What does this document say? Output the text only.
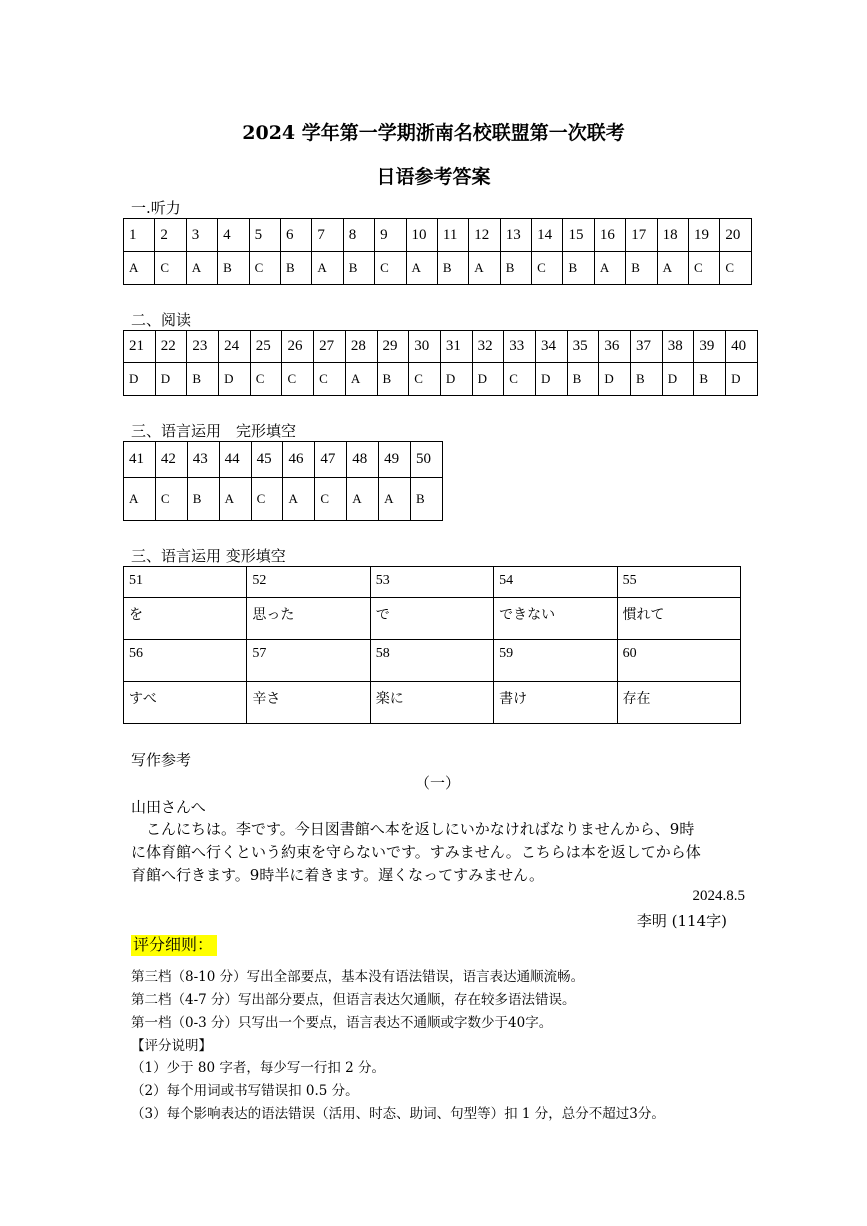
2024 学年第一学期浙南名校联盟第一次联考
日语参考答案
一.听力
1	2	3	4	5	6	7	8	9	10	11	12	13	14	15	16	17	18	19	20
A	C	A	B	C	B	A	B	C	A	B	A	B	C	B	A	B	A	C	C
二、阅读
21	22	23	24	25	26	27	28	29	30	31	32	33	34	35	36	37	38	39	40
D	D	B	D	C	C	C	A	B	C	D	D	C	D	B	D	B	D	B	D
三、语言运用　完形填空
41	42	43	44	45	46	47	48	49	50
A	C	B	A	C	A	C	A	A	B
三、语言运用 变形填空
51	52	53	54	55
を	思った	で	できない	慣れて
56	57	58	59	60
すべ	辛さ	楽に	書け	存在
写作参考
（一）
山田さんへ
　こんにちは。李です。今日図書館へ本を返しにいかなければなりませんから、9時
に体育館へ行くという約束を守らないです。すみません。こちらは本を返してから体
育館へ行きます。9時半に着きます。遅くなってすみません。
2024.8.5
李明 (114字)
评分细则：
第三档（8-10 分）写出全部要点，基本没有语法错误，语言表达通顺流畅。
第二档（4-7 分）写出部分要点，但语言表达欠通顺，存在较多语法错误。
第一档（0-3 分）只写出一个要点，语言表达不通顺或字数少于40字。
【评分说明】
（1）少于 80 字者，每少写一行扣 2 分。
（2）每个用词或书写错误扣 0.5 分。
（3）每个影响表达的语法错误（活用、时态、助词、句型等）扣 1 分，总分不超过3分。
